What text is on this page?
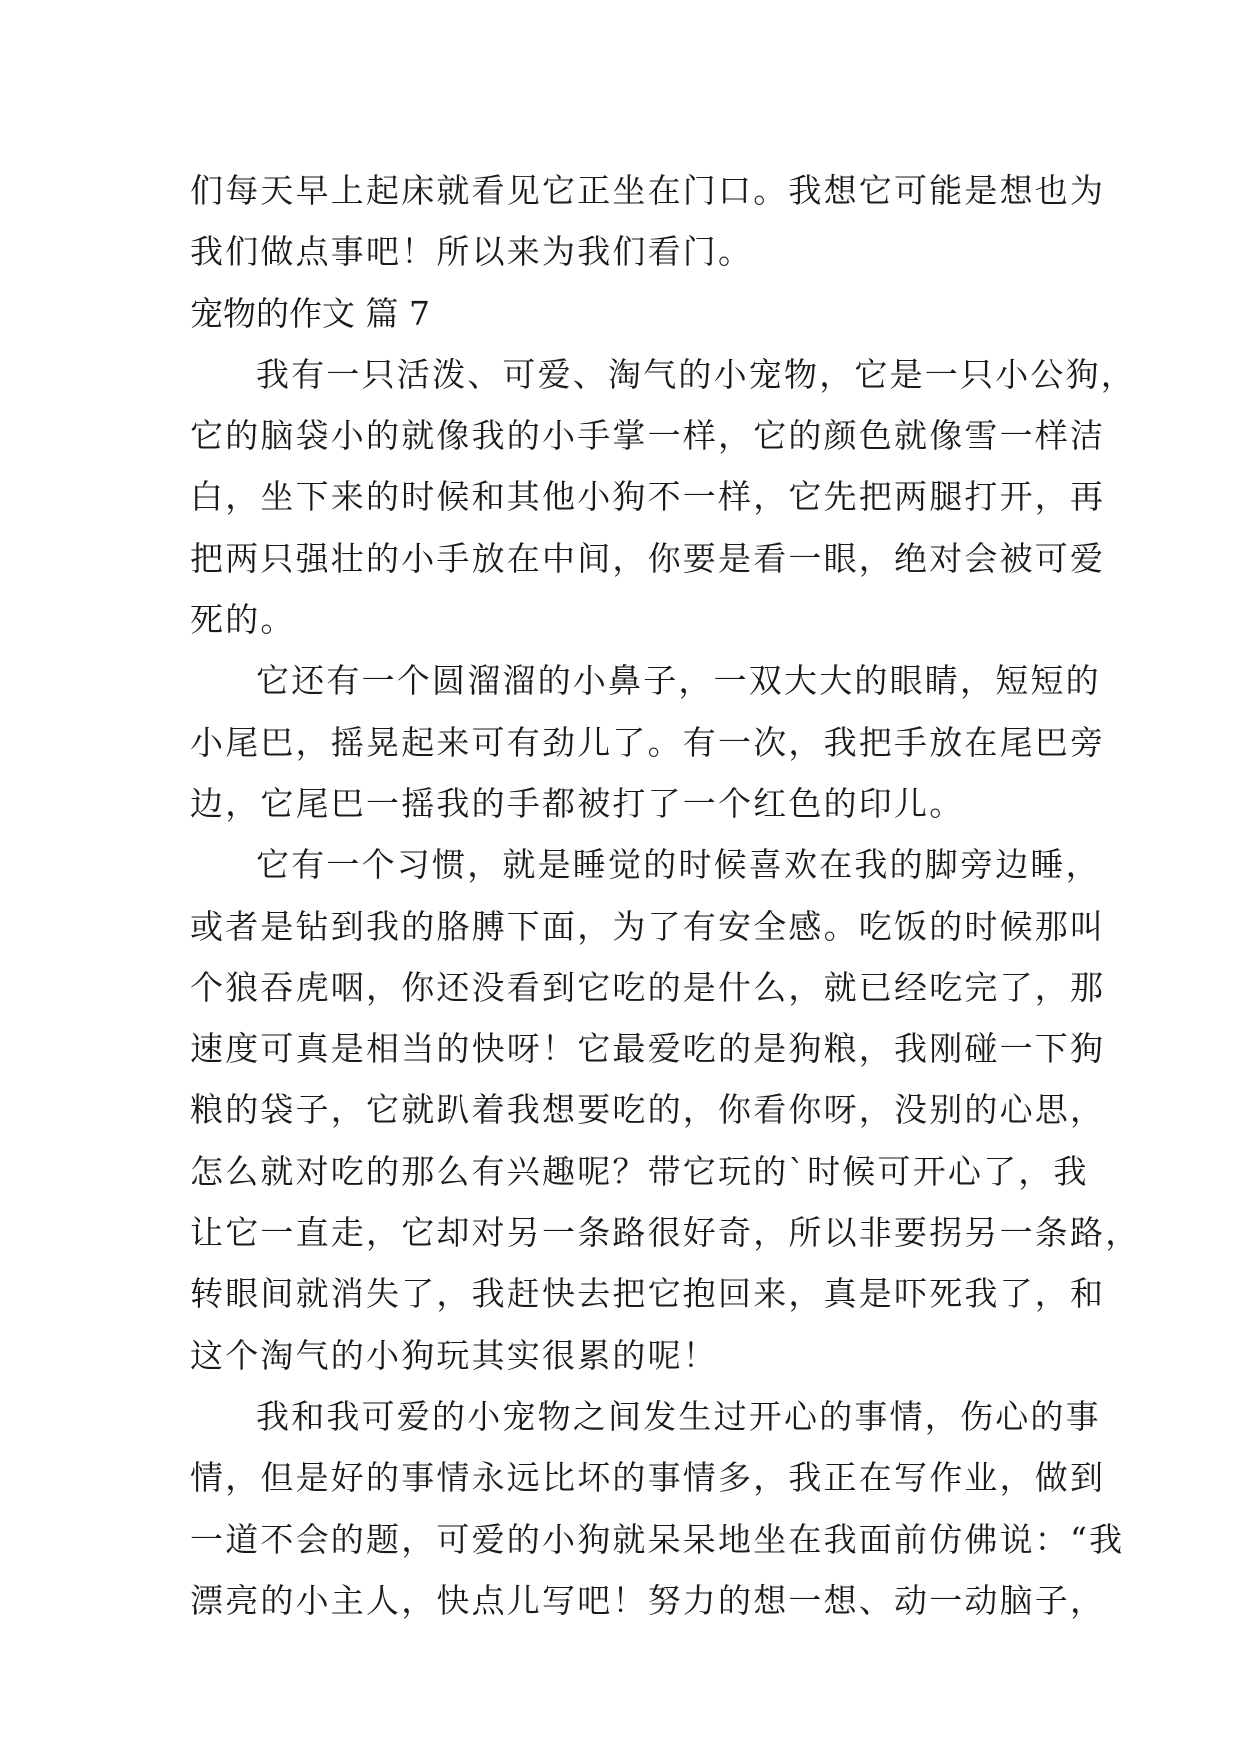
们每天早上起床就看见它正坐在门口。我想它可能是想也为
我们做点事吧！所以来为我们看门。
宠物的作文 篇 7
我有一只活泼、可爱、淘气的小宠物，它是一只小公狗，
它的脑袋小的就像我的小手掌一样，它的颜色就像雪一样洁
白，坐下来的时候和其他小狗不一样，它先把两腿打开，再
把两只强壮的小手放在中间，你要是看一眼，绝对会被可爱
死的。
它还有一个圆溜溜的小鼻子，一双大大的眼睛，短短的
小尾巴，摇晃起来可有劲儿了。有一次，我把手放在尾巴旁
边，它尾巴一摇我的手都被打了一个红色的印儿。
它有一个习惯，就是睡觉的时候喜欢在我的脚旁边睡，
或者是钻到我的胳膊下面，为了有安全感。吃饭的时候那叫
个狼吞虎咽，你还没看到它吃的是什么，就已经吃完了，那
速度可真是相当的快呀！它最爱吃的是狗粮，我刚碰一下狗
粮的袋子，它就趴着我想要吃的，你看你呀，没别的心思，
怎么就对吃的那么有兴趣呢？带它玩的`时候可开心了，我
让它一直走，它却对另一条路很好奇，所以非要拐另一条路，
转眼间就消失了，我赶快去把它抱回来，真是吓死我了，和
这个淘气的小狗玩其实很累的呢！
我和我可爱的小宠物之间发生过开心的事情，伤心的事
情，但是好的事情永远比坏的事情多，我正在写作业，做到
一道不会的题，可爱的小狗就呆呆地坐在我面前仿佛说：“我
漂亮的小主人，快点儿写吧！努力的想一想、动一动脑子，
